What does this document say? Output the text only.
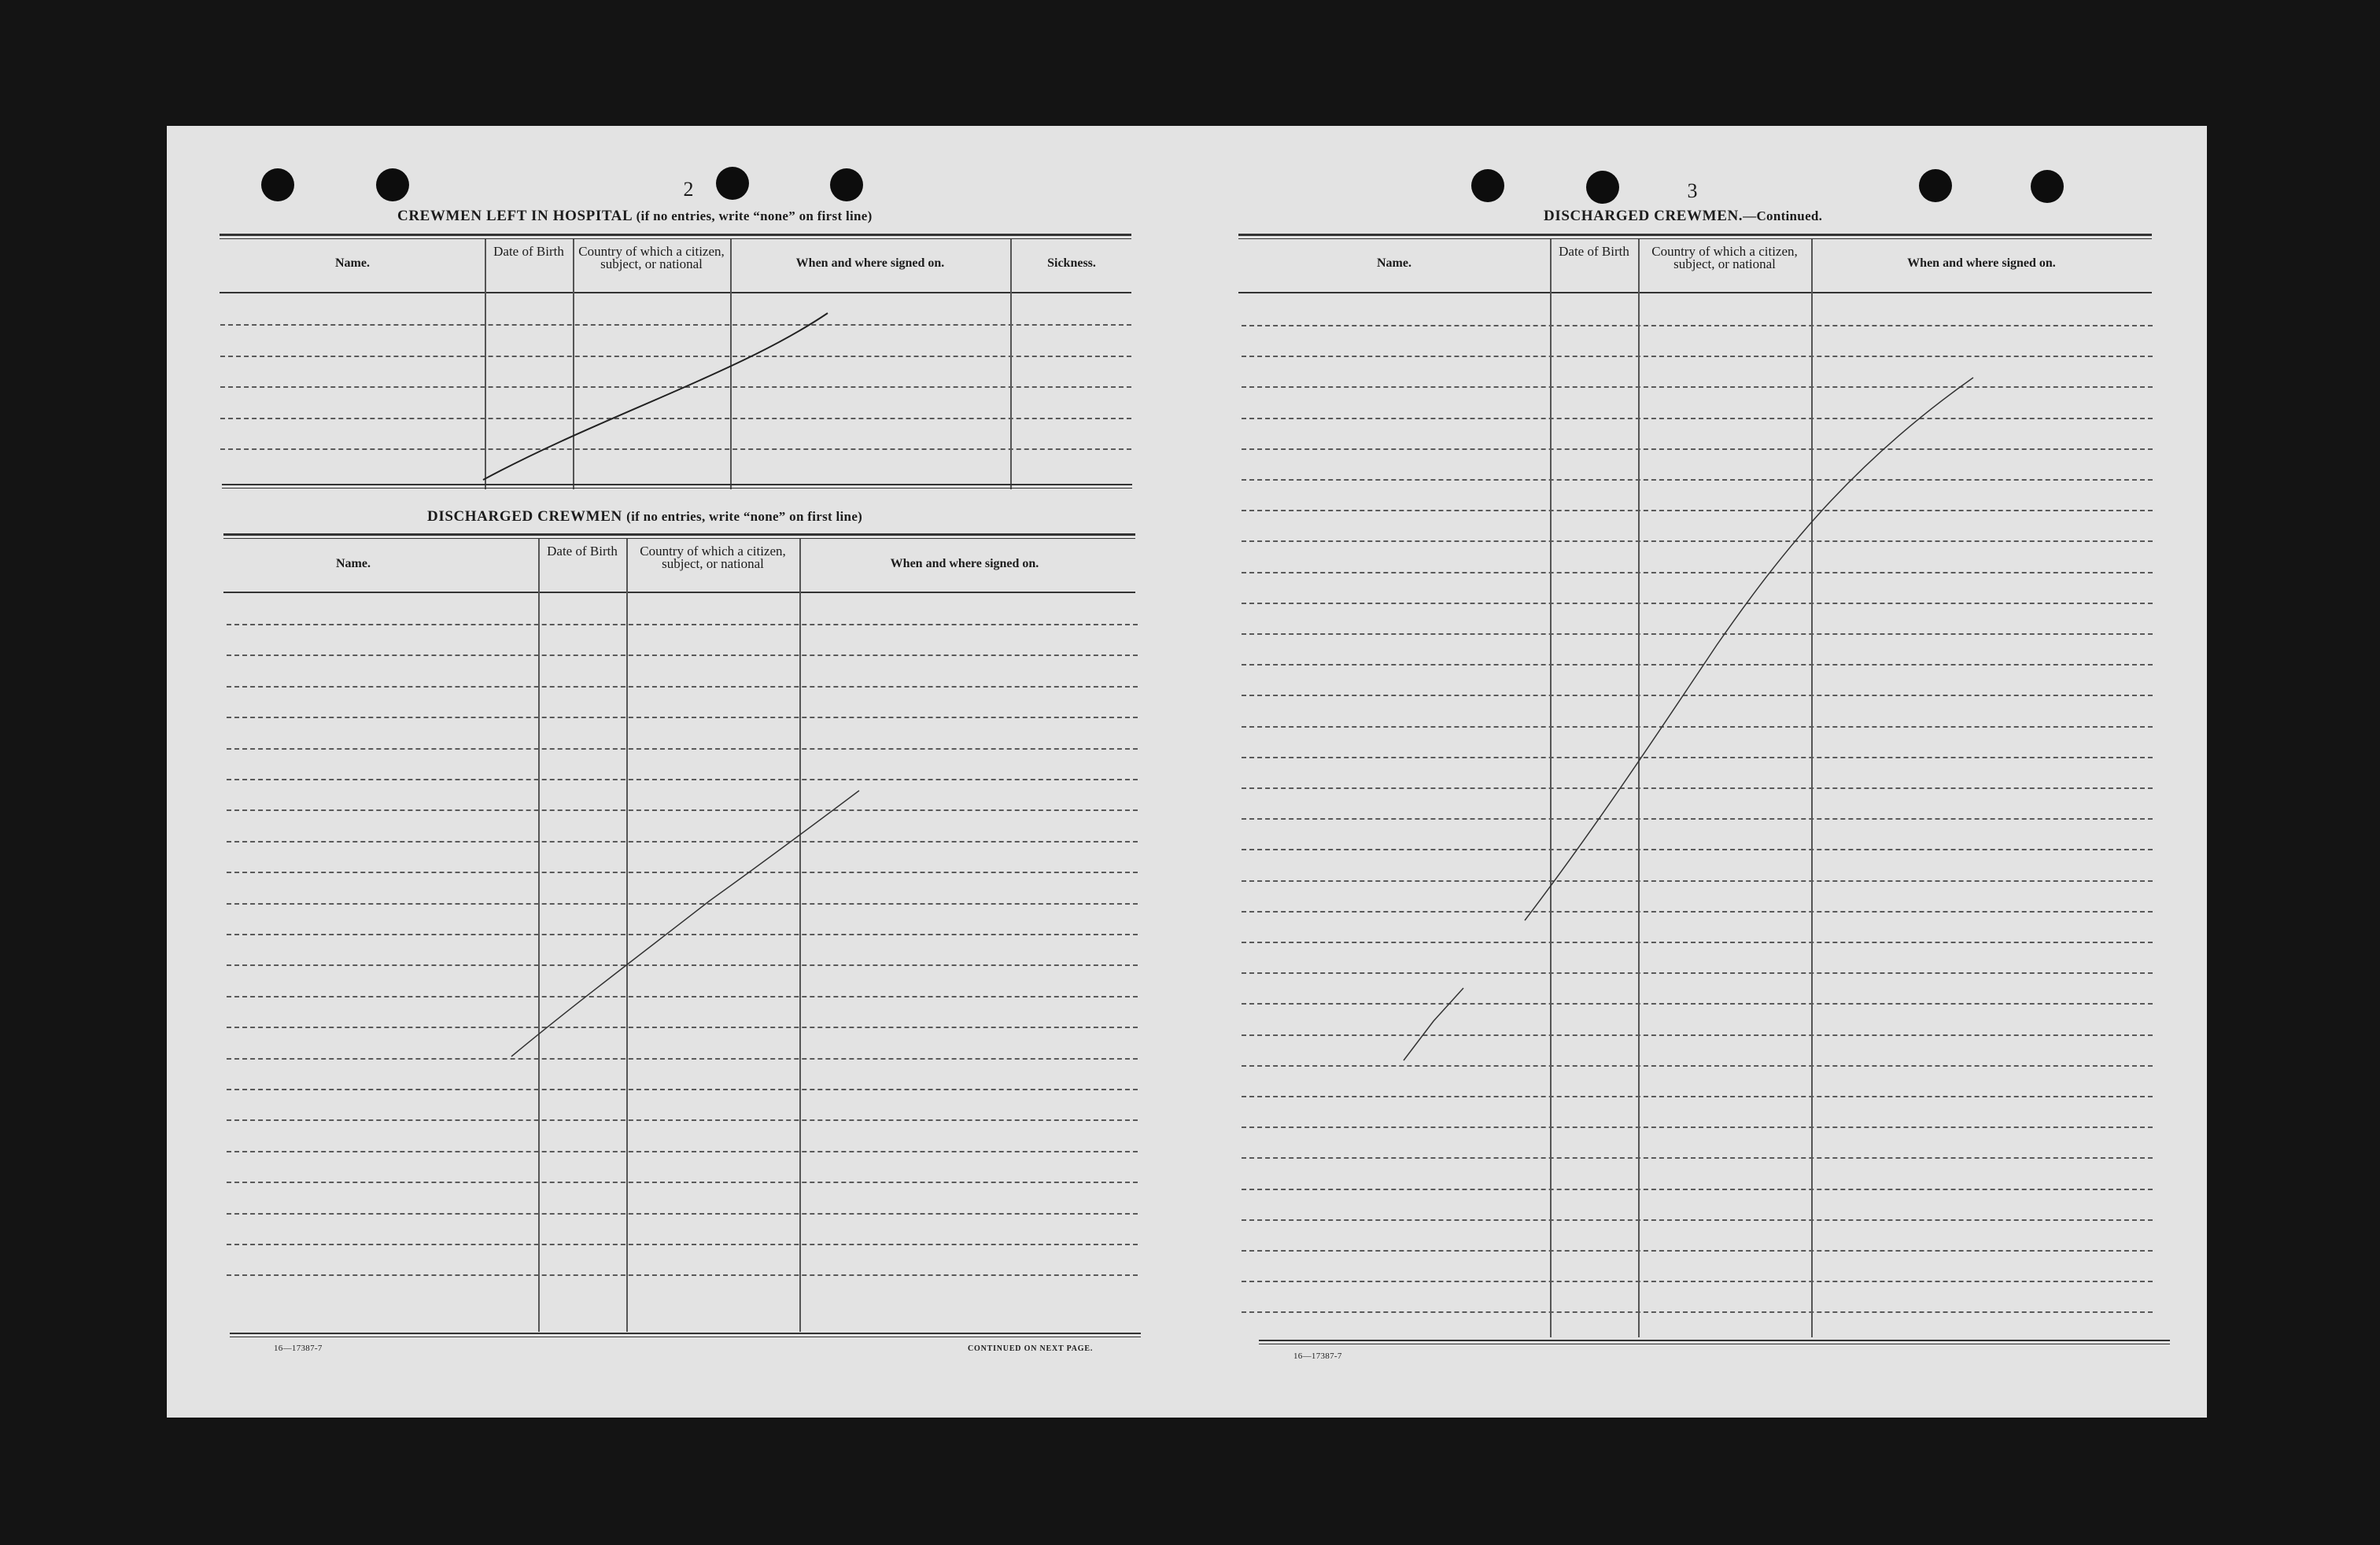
2
CREWMEN LEFT IN HOSPITAL (if no entries, write “none” on first line)
Name.
Date of Birth	Country of which a citizen, subject, or national	When and where signed on.	Sickness.
DISCHARGED CREWMEN (if no entries, write “none” on first line)
Name.
Date of Birth	Country of which a citizen, subject, or national	When and where signed on.
16—17387-7	CONTINUED ON NEXT PAGE.
3
DISCHARGED CREWMEN.—Continued.
Name.
Date of Birth	Country of which a citizen, subject, or national	When and where signed on.
16—17387-7
